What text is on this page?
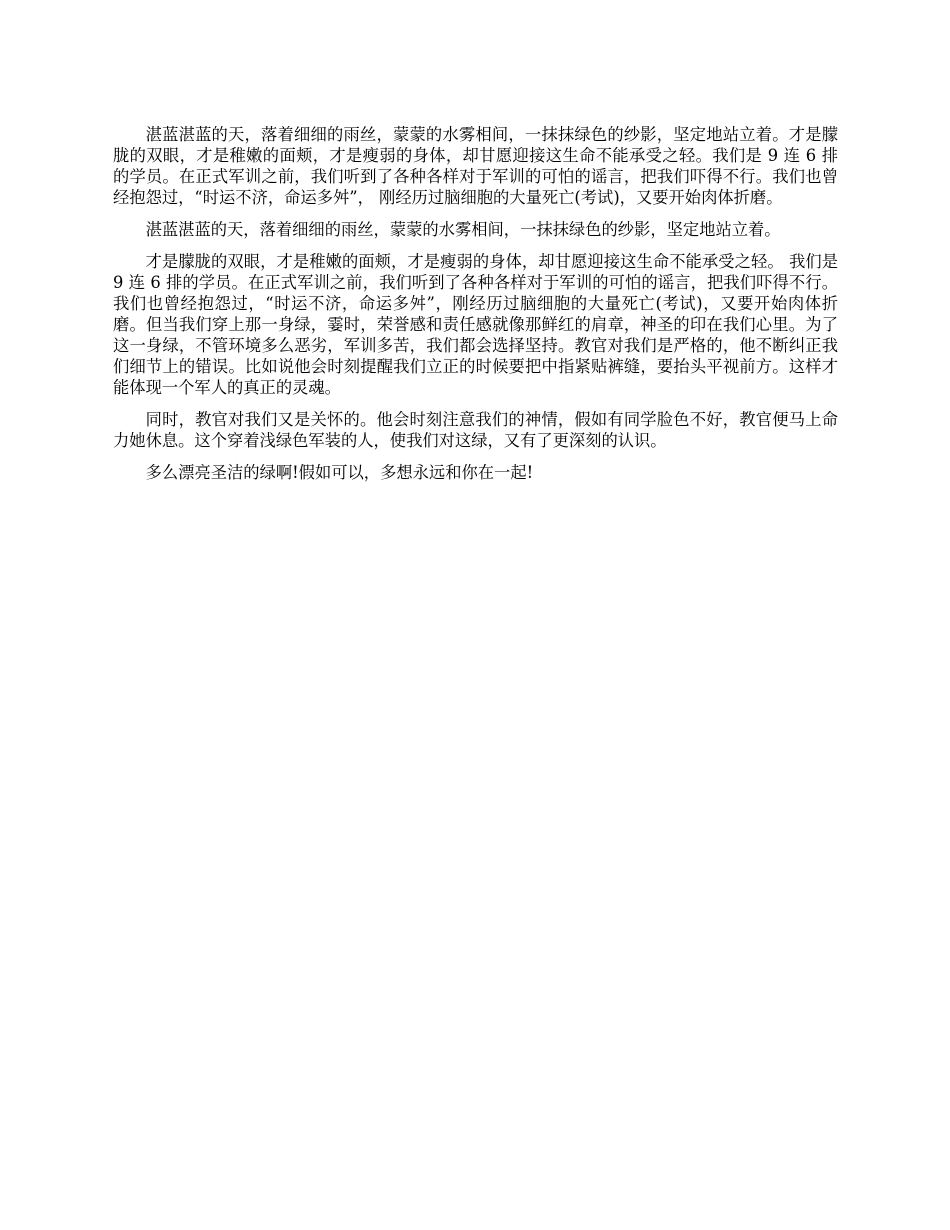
湛蓝湛蓝的天，落着细细的雨丝，蒙蒙的水雾相间，一抹抹绿色的纱影，坚定地站立着。才是朦胧的双眼，才是稚嫩的面颊，才是瘦弱的身体，却甘愿迎接这生命不能承受之轻。我们是 9 连 6 排的学员。在正式军训之前，我们听到了各种各样对于军训的可怕的谣言，把我们吓得不行。我们也曾经抱怨过，“时运不济，命运多舛”， 刚经历过脑细胞的大量死亡(考试)，又要开始肉体折磨。

湛蓝湛蓝的天，落着细细的雨丝，蒙蒙的水雾相间，一抹抹绿色的纱影，坚定地站立着。

才是朦胧的双眼，才是稚嫩的面颊，才是瘦弱的身体，却甘愿迎接这生命不能承受之轻。 我们是 9 连 6 排的学员。在正式军训之前，我们听到了各种各样对于军训的可怕的谣言，把我们吓得不行。我们也曾经抱怨过，“时运不济，命运多舛”，刚经历过脑细胞的大量死亡(考试)，又要开始肉体折磨。但当我们穿上那一身绿，霎时，荣誉感和责任感就像那鲜红的肩章，神圣的印在我们心里。为了这一身绿，不管环境多么恶劣，军训多苦，我们都会选择坚持。教官对我们是严格的，他不断纠正我们细节上的错误。比如说他会时刻提醒我们立正的时候要把中指紧贴裤缝，要抬头平视前方。这样才能体现一个军人的真正的灵魂。

同时，教官对我们又是关怀的。他会时刻注意我们的神情，假如有同学脸色不好，教官便马上命力她休息。这个穿着浅绿色军装的人，使我们对这绿，又有了更深刻的认识。

多么漂亮圣洁的绿啊!假如可以，多想永远和你在一起!
